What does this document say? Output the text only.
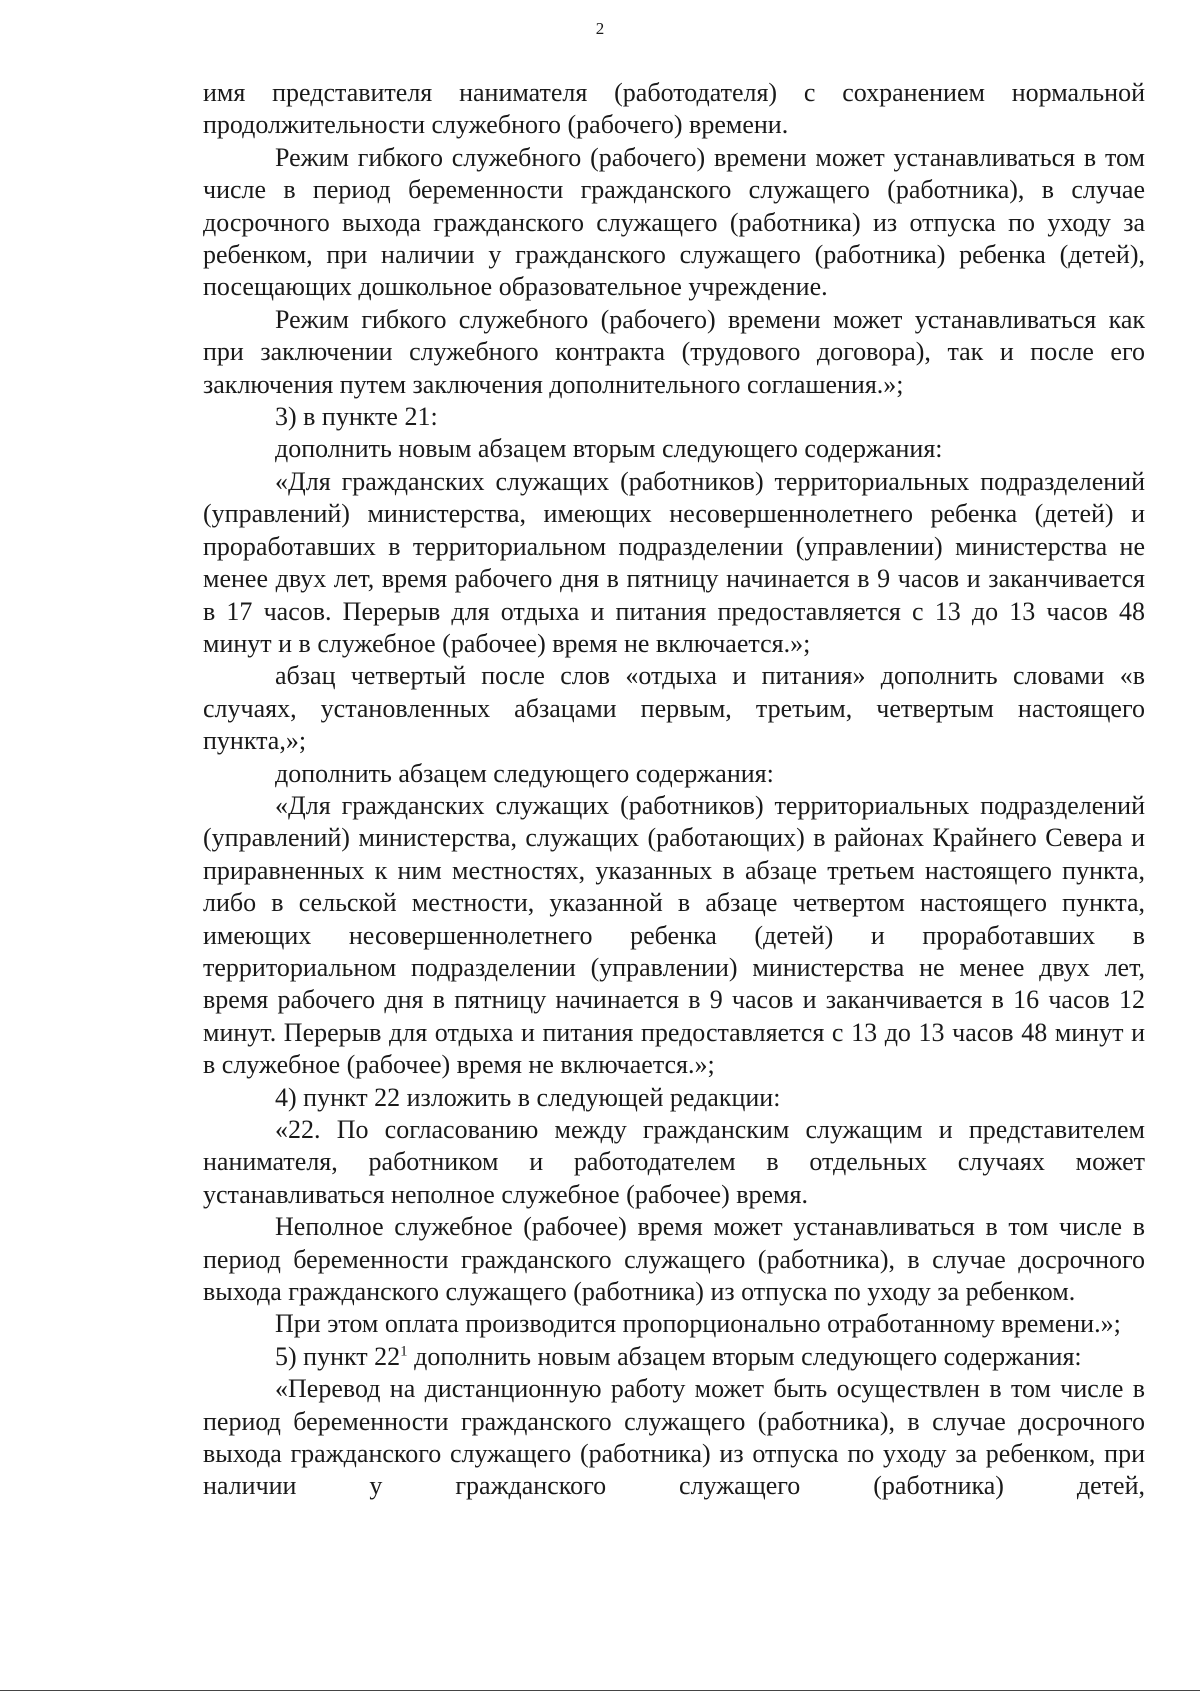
2

имя представителя нанимателя (работодателя) с сохранением нормальной продолжительности служебного (рабочего) времени.

Режим гибкого служебного (рабочего) времени может устанавливаться в том числе в период беременности гражданского служащего (работника), в случае досрочного выхода гражданского служащего (работника) из отпуска по уходу за ребенком, при наличии у гражданского служащего (работника) ребенка (детей), посещающих дошкольное образовательное учреждение.

Режим гибкого служебного (рабочего) времени может устанавливаться как при заключении служебного контракта (трудового договора), так и после его заключения путем заключения дополнительного соглашения.»;

3) в пункте 21:

дополнить новым абзацем вторым следующего содержания:

«Для гражданских служащих (работников) территориальных подразделений (управлений) министерства, имеющих несовершеннолетнего ребенка (детей) и проработавших в территориальном подразделении (управлении) министерства не менее двух лет, время рабочего дня в пятницу начинается в 9 часов и заканчивается в 17 часов. Перерыв для отдыха и питания предоставляется с 13 до 13 часов 48 минут и в служебное (рабочее) время не включается.»;

абзац четвертый после слов «отдыха и питания» дополнить словами «в случаях, установленных абзацами первым, третьим, четвертым настоящего пункта,»;

дополнить абзацем следующего содержания:

«Для гражданских служащих (работников) территориальных подразделений (управлений) министерства, служащих (работающих) в районах Крайнего Севера и приравненных к ним местностях, указанных в абзаце третьем настоящего пункта, либо в сельской местности, указанной в абзаце четвертом настоящего пункта, имеющих несовершеннолетнего ребенка (детей) и проработавших в территориальном подразделении (управлении) министерства не менее двух лет, время рабочего дня в пятницу начинается в 9 часов и заканчивается в 16 часов 12 минут. Перерыв для отдыха и питания предоставляется с 13 до 13 часов 48 минут и в служебное (рабочее) время не включается.»;

4) пункт 22 изложить в следующей редакции:

«22. По согласованию между гражданским служащим и представителем нанимателя, работником и работодателем в отдельных случаях может устанавливаться неполное служебное (рабочее) время.

Неполное служебное (рабочее) время может устанавливаться в том числе в период беременности гражданского служащего (работника), в случае досрочного выхода гражданского служащего (работника) из отпуска по уходу за ребенком.

При этом оплата производится пропорционально отработанному времени.»;

5) пункт $22^1$ дополнить новым абзацем вторым следующего содержания:

«Перевод на дистанционную работу может быть осуществлен в том числе в период беременности гражданского служащего (работника), в случае досрочного выхода гражданского служащего (работника) из отпуска по уходу за ребенком, при наличии у гражданского служащего (работника) детей,
